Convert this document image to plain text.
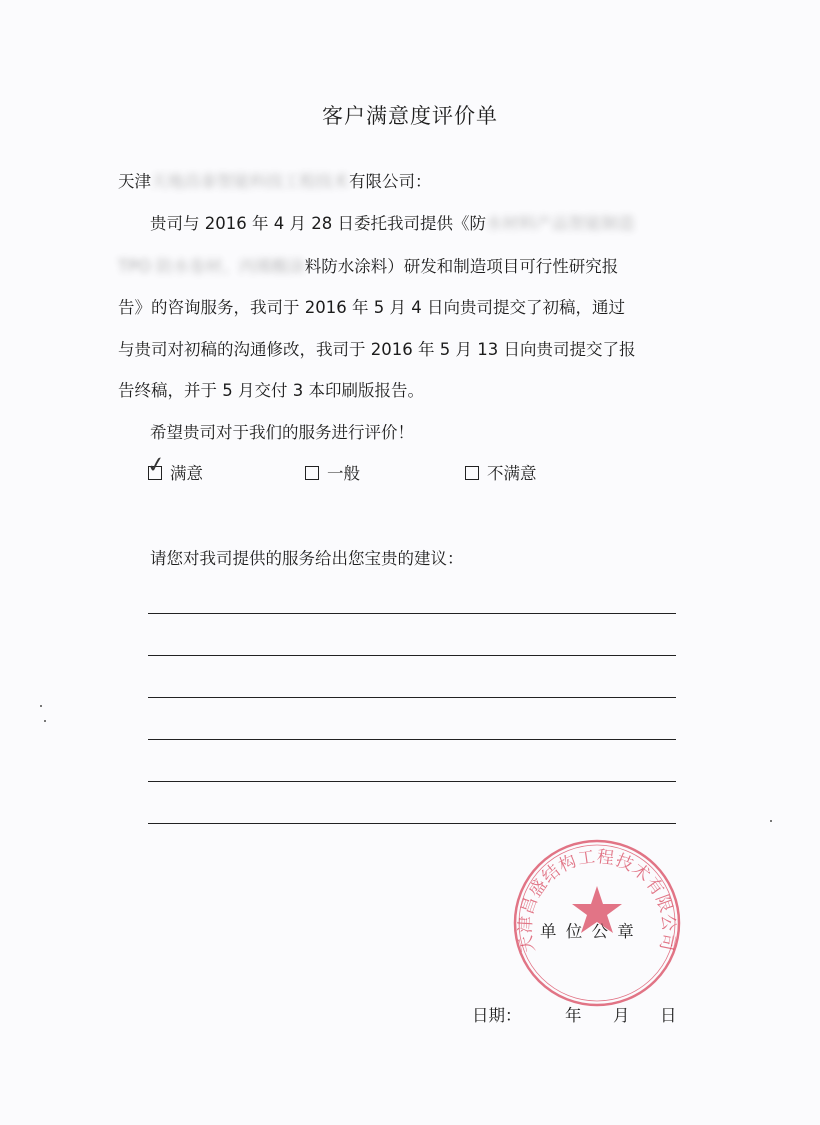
客户满意度评价单
天津天地昌泰智能科技工程技术有限公司：
贵司与 2016 年 4 月 28 日委托我司提供《防水材料产品智能制造
TPO 防水卷材、丙烯酸涂料防水涂料）研发和制造项目可行性研究报
告》的咨询服务，我司于 2016 年 5 月 4 日向贵司提交了初稿，通过
与贵司对初稿的沟通修改，我司于 2016 年 5 月 13 日向贵司提交了报
告终稿，并于 5 月交付 3 本印刷版报告。
希望贵司对于我们的服务进行评价！
✓ 满意	一般	不满意
请您对我司提供的服务给出您宝贵的建议：
天津昌盛结构工程技术有限公司
单 位 公 章
日期：	年 月 日
